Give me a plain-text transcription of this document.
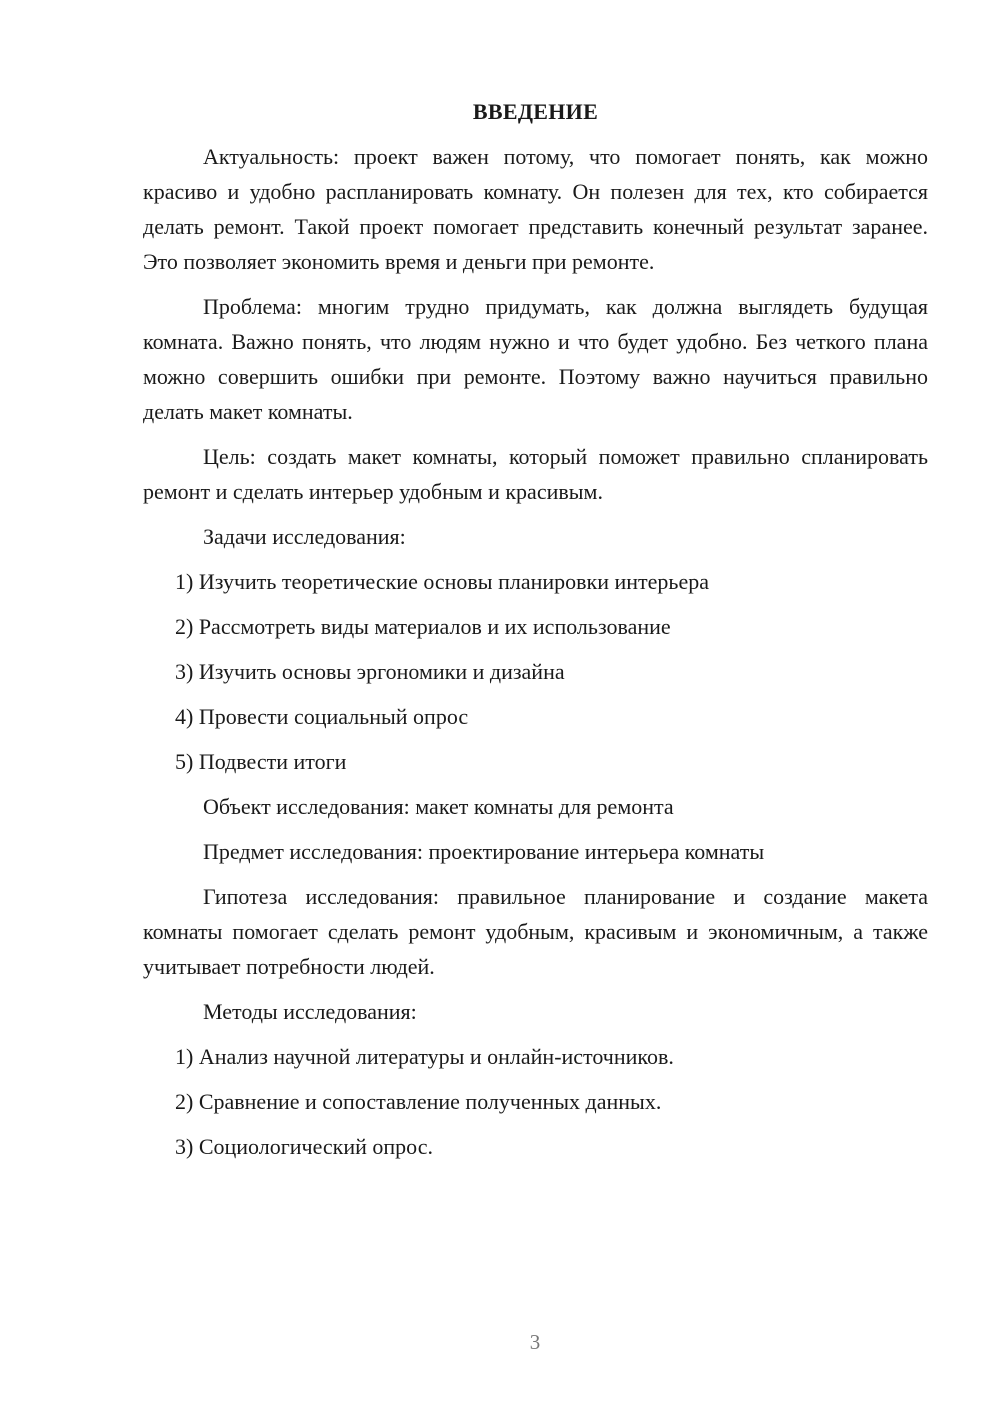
ВВЕДЕНИЕ

Актуальность: проект важен потому, что помогает понять, как можно красиво и удобно распланировать комнату. Он полезен для тех, кто собирается делать ремонт. Такой проект помогает представить конечный результат заранее. Это позволяет экономить время и деньги при ремонте.

Проблема: многим трудно придумать, как должна выглядеть будущая комната. Важно понять, что людям нужно и что будет удобно. Без четкого плана можно совершить ошибки при ремонте. Поэтому важно научиться правильно делать макет комнаты.

Цель: создать макет комнаты, который поможет правильно спланировать ремонт и сделать интерьер удобным и красивым.

Задачи исследования:

1) Изучить теоретические основы планировки интерьера

2) Рассмотреть виды материалов и их использование

3) Изучить основы эргономики и дизайна

4) Провести социальный опрос

5) Подвести итоги

Объект исследования: макет комнаты для ремонта

Предмет исследования: проектирование интерьера комнаты

Гипотеза исследования: правильное планирование и создание макета комнаты помогает сделать ремонт удобным, красивым и экономичным, а также учитывает потребности людей.

Методы исследования:

1) Анализ научной литературы и онлайн-источников.

2) Сравнение и сопоставление полученных данных.

3) Социологический опрос.

3
